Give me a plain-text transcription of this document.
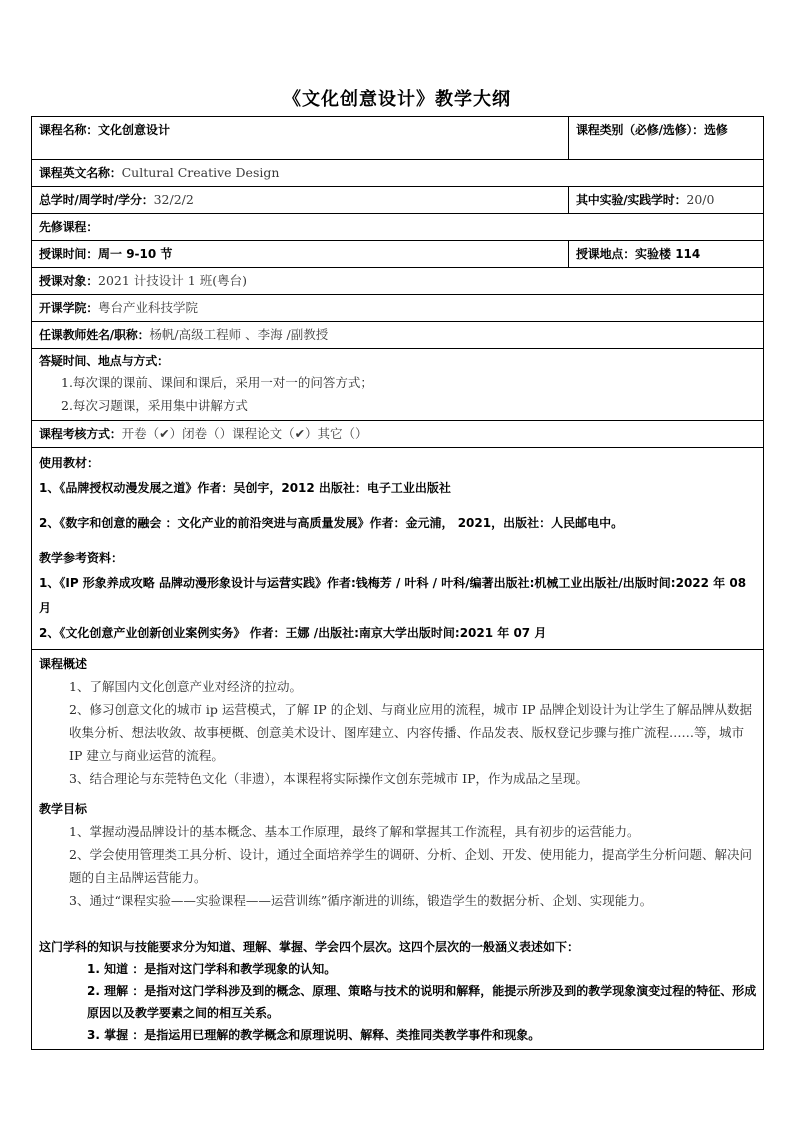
《文化创意设计》教学大纲
课程名称：文化创意设计	课程类别（必修/选修）：选修
课程英文名称：Cultural Creative Design	
总学时/周学时/学分：32/2/2	其中实验/实践学时：20/0
先修课程：	
授课时间：周一 9-10 节	授课地点：实验楼 114
授课对象：2021 计技设计 1 班(粤台)	
开课学院：粤台产业科技学院	
任课教师姓名/职称：杨帆/高级工程师 、李海 /副教授	

答疑时间、地点与方式：
1.每次课的课前、课间和课后，采用一对一的问答方式；
2.每次习题课，采用集中讲解方式	

课程考核方式：开卷（✔）闭卷（）课程论文（✔）其它（）	

使用教材：
1、《品牌授权动漫发展之道》作者：吴创宇，2012 出版社：电子工业出版社
2、《数字和创意的融会 ：文化产业的前沿突进与高质量发展》作者：金元浦， 2021，出版社：人民邮电中。
教学参考资料：
1、《IP 形象养成攻略 品牌动漫形象设计与运营实践》作者:钱梅芳 / 叶科 / 叶科/编著出版社:机械工业出版社/出版时间:2022 年 08 月
2、《文化创意产业创新创业案例实务》 作者：王娜 /出版社:南京大学出版时间:2021 年 07 月

课程概述
1、了解国内文化创意产业对经济的拉动。
2、修习创意文化的城市 ip 运营模式，了解 IP 的企划、与商业应用的流程，城市 IP 品牌企划设计为让学生了解品牌从数据收集分析、想法收敛、故事梗概、创意美术设计、图库建立、内容传播、作品发表、版权登记步骤与推广流程……等，城市 IP 建立与商业运营的流程。
3、结合理论与东莞特色文化（非遗），本课程将实际操作文创东莞城市 IP，作为成品之呈现。
教学目标
1、掌握动漫品牌设计的基本概念、基本工作原理，最终了解和掌握其工作流程，具有初步的运营能力。
2、学会使用管理类工具分析、设计，通过全面培养学生的调研、分析、企划、开发、使用能力，提高学生分析问题、解决问题的自主品牌运营能力。
3、通过“课程实验——实验课程——运营训练”循序渐进的训练，锻造学生的数据分析、企划、实现能力。
这门学科的知识与技能要求分为知道、理解、掌握、学会四个层次。这四个层次的一般涵义表述如下：
1. 知道 ：是指对这门学科和教学现象的认知。
2. 理解 ：是指对这门学科涉及到的概念、原理、策略与技术的说明和解释，能提示所涉及到的教学现象演变过程的特征、形成原因以及教学要素之间的相互关系。
3. 掌握 ：是指运用已理解的教学概念和原理说明、解释、类推同类教学事件和现象。
